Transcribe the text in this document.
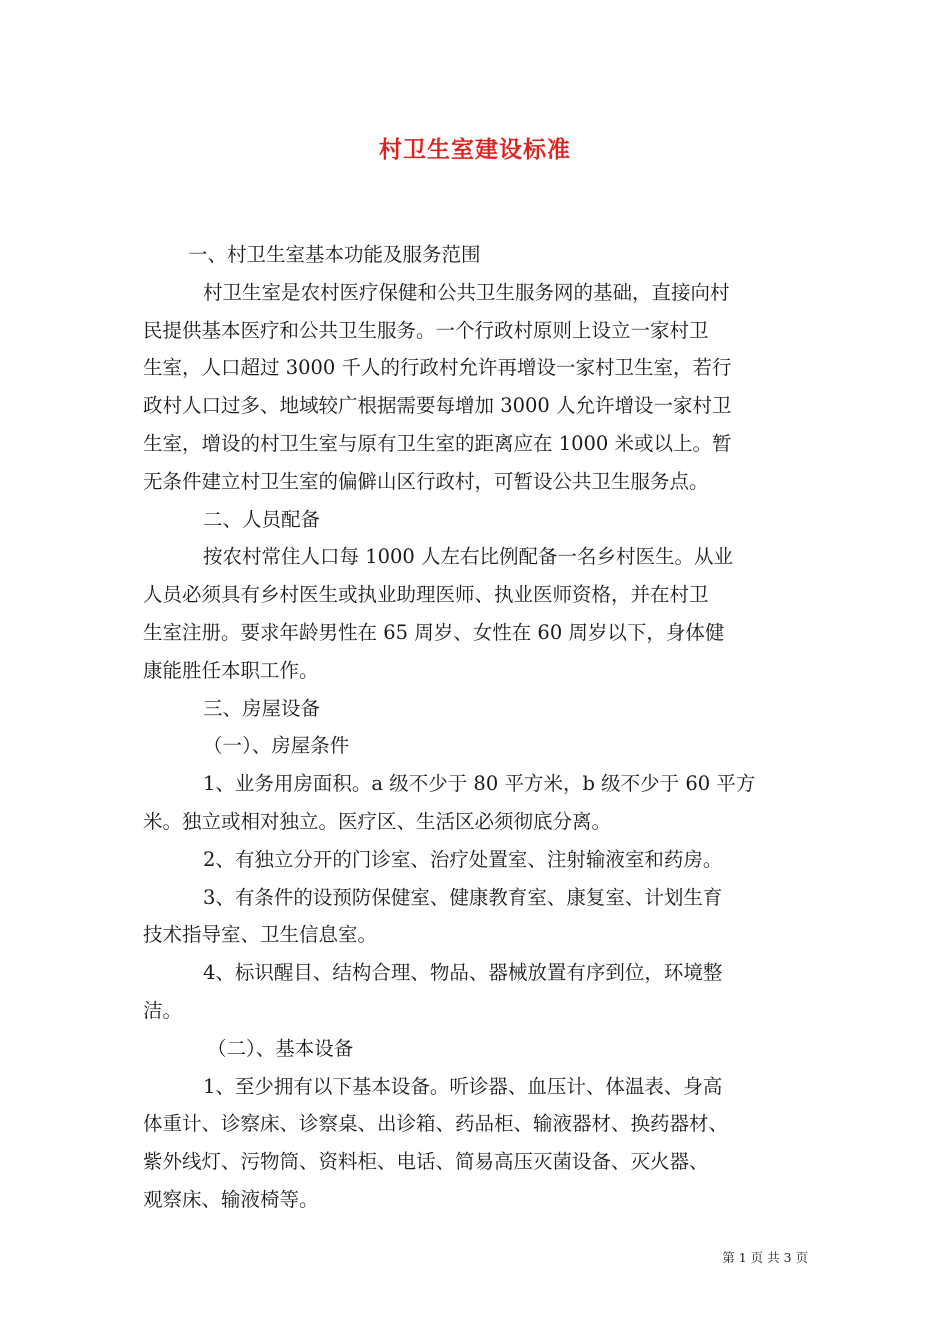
村卫生室建设标准
一、村卫生室基本功能及服务范围
村卫生室是农村医疗保健和公共卫生服务网的基础，直接向村
民提供基本医疗和公共卫生服务。一个行政村原则上设立一家村卫
生室，人口超过 3000 千人的行政村允许再增设一家村卫生室，若行
政村人口过多、地域较广根据需要每增加 3000 人允许增设一家村卫
生室，增设的村卫生室与原有卫生室的距离应在 1000 米或以上。暂
无条件建立村卫生室的偏僻山区行政村，可暂设公共卫生服务点。
二、人员配备
按农村常住人口每 1000 人左右比例配备一名乡村医生。从业
人员必须具有乡村医生或执业助理医师、执业医师资格，并在村卫
生室注册。要求年龄男性在 65 周岁、女性在 60 周岁以下，身体健
康能胜任本职工作。
三、房屋设备
（一）、房屋条件
1、业务用房面积。a 级不少于 80 平方米，b 级不少于 60 平方
米。独立或相对独立。医疗区、生活区必须彻底分离。
2、有独立分开的门诊室、治疗处置室、注射输液室和药房。
3、有条件的设预防保健室、健康教育室、康复室、计划生育
技术指导室、卫生信息室。
4、标识醒目、结构合理、物品、器械放置有序到位，环境整
洁。
（二）、基本设备
1、至少拥有以下基本设备。听诊器、血压计、体温表、身高
体重计、诊察床、诊察桌、出诊箱、药品柜、输液器材、换药器材、
紫外线灯、污物筒、资料柜、电话、简易高压灭菌设备、灭火器、
观察床、输液椅等。
第 1 页 共 3 页
